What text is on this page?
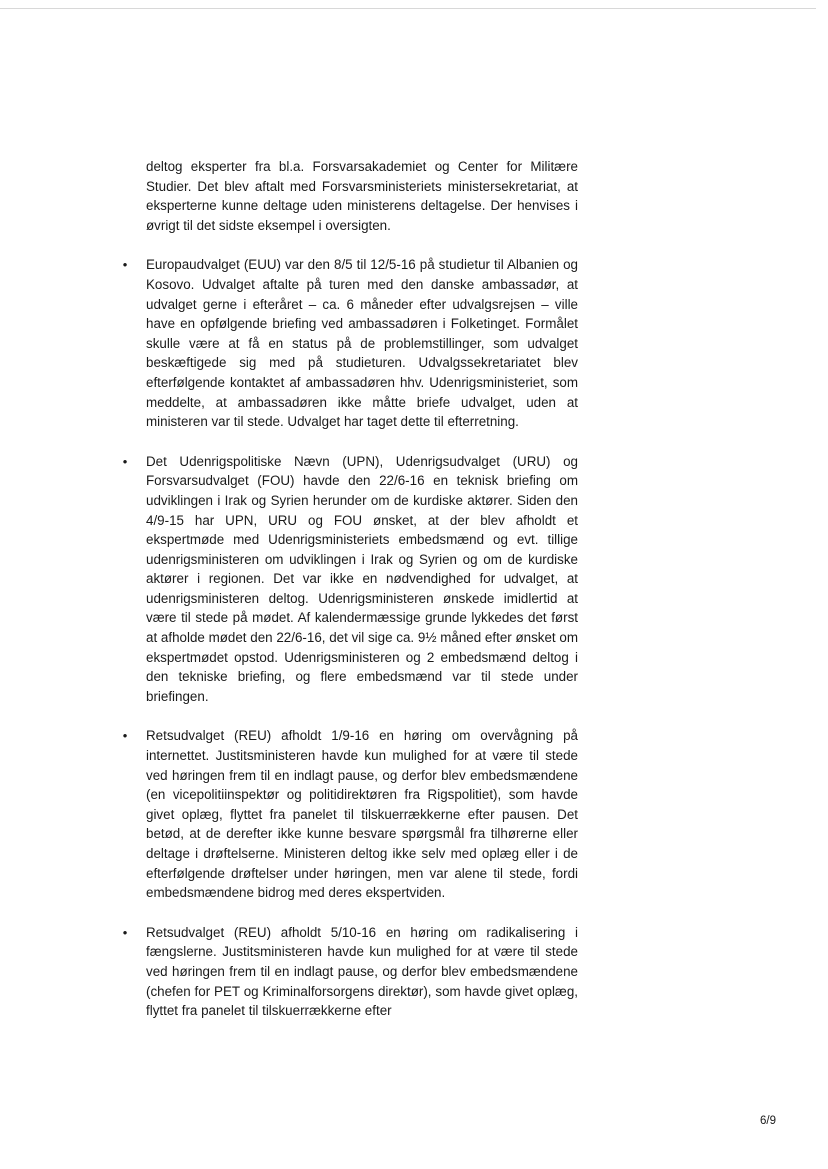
deltog eksperter fra bl.a. Forsvarsakademiet og Center for Militære Studier. Det blev aftalt med Forsvarsministeriets ministersekretariat, at eksperterne kunne deltage uden ministerens deltagelse. Der henvises i øvrigt til det sidste eksempel i oversigten.

• Europaudvalget (EUU) var den 8/5 til 12/5-16 på studietur til Albanien og Kosovo. Udvalget aftalte på turen med den danske ambassadør, at udvalget gerne i efteråret – ca. 6 måneder efter udvalgsrejsen – ville have en opfølgende briefing ved ambassadøren i Folketinget. Formålet skulle være at få en status på de problemstillinger, som udvalget beskæftigede sig med på studieturen. Udvalgssekretariatet blev efterfølgende kontaktet af ambassadøren hhv. Udenrigsministeriet, som meddelte, at ambassadøren ikke måtte briefe udvalget, uden at ministeren var til stede. Udvalget har taget dette til efterretning.
• Det Udenrigspolitiske Nævn (UPN), Udenrigsudvalget (URU) og Forsvarsudvalget (FOU) havde den 22/6-16 en teknisk briefing om udviklingen i Irak og Syrien herunder om de kurdiske aktører. Siden den 4/9-15 har UPN, URU og FOU ønsket, at der blev afholdt et ekspertmøde med Udenrigsministeriets embedsmænd og evt. tillige udenrigsministeren om udviklingen i Irak og Syrien og om de kurdiske aktører i regionen. Det var ikke en nødvendighed for udvalget, at udenrigsministeren deltog. Udenrigsministeren ønskede imidlertid at være til stede på mødet. Af kalendermæssige grunde lykkedes det først at afholde mødet den 22/6-16, det vil sige ca. 9½ måned efter ønsket om ekspertmødet opstod. Udenrigsministeren og 2 embedsmænd deltog i den tekniske briefing, og flere embedsmænd var til stede under briefingen.
• Retsudvalget (REU) afholdt 1/9-16 en høring om overvågning på internettet. Justitsministeren havde kun mulighed for at være til stede ved høringen frem til en indlagt pause, og derfor blev embedsmændene (en vicepolitiinspektør og politidirektøren fra Rigspolitiet), som havde givet oplæg, flyttet fra panelet til tilskuerrækkerne efter pausen. Det betød, at de derefter ikke kunne besvare spørgsmål fra tilhørerne eller deltage i drøftelserne. Ministeren deltog ikke selv med oplæg eller i de efterfølgende drøftelser under høringen, men var alene til stede, fordi embedsmændene bidrog med deres ekspertviden.
• Retsudvalget (REU) afholdt 5/10-16 en høring om radikalisering i fængslerne. Justitsministeren havde kun mulighed for at være til stede ved høringen frem til en indlagt pause, og derfor blev embedsmændene (chefen for PET og Kriminalforsorgens direktør), som havde givet oplæg, flyttet fra panelet til tilskuerrækkerne efter
6/9
